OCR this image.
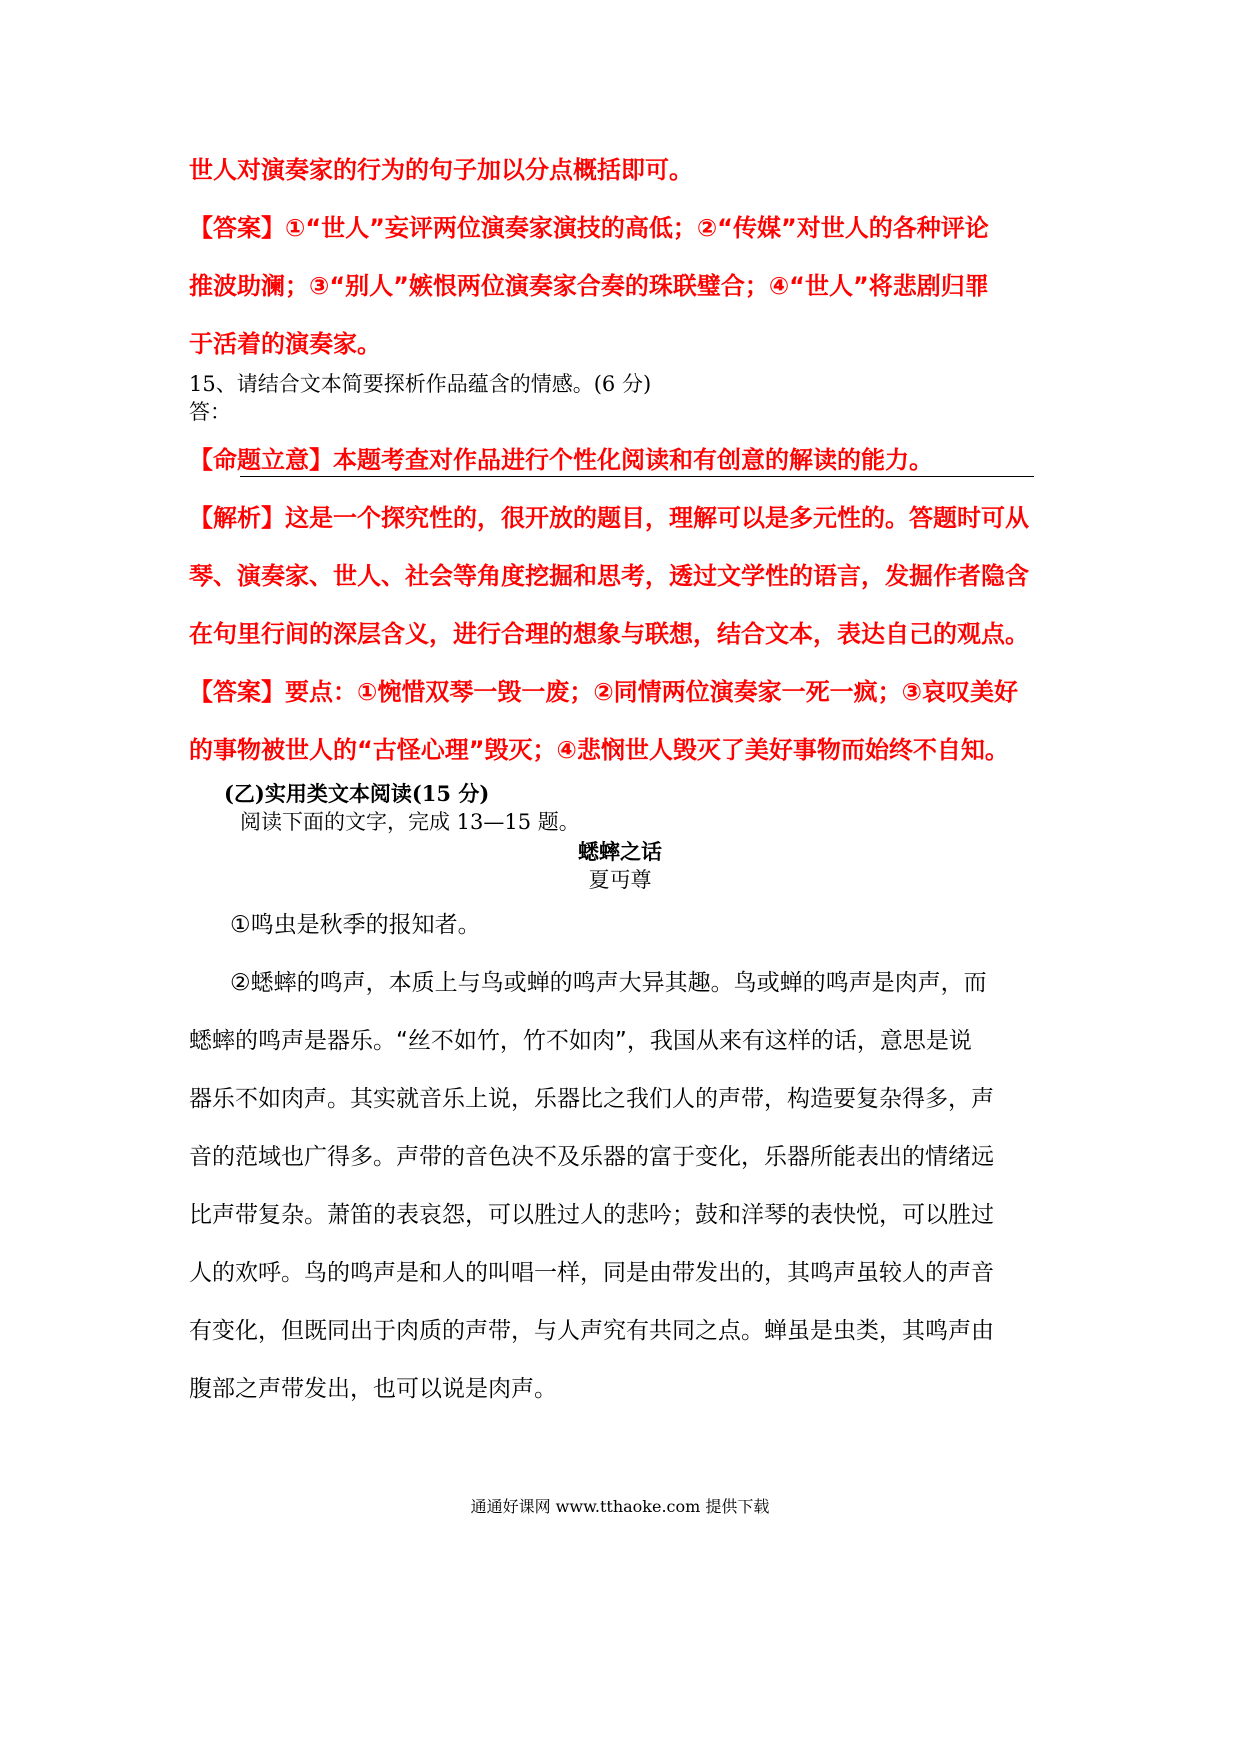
世人对演奏家的行为的句子加以分点概括即可。
【答案】①“世人”妄评两位演奏家演技的高低；②“传媒”对世人的各种评论
推波助澜；③“别人”嫉恨两位演奏家合奏的珠联璧合；④“世人”将悲剧归罪
于活着的演奏家。
15、请结合文本简要探析作品蕴含的情感。(6 分)
答：
【命题立意】本题考查对作品进行个性化阅读和有创意的解读的能力。
【解析】这是一个探究性的，很开放的题目，理解可以是多元性的。答题时可从
琴、演奏家、世人、社会等角度挖掘和思考，透过文学性的语言，发掘作者隐含
在句里行间的深层含义，进行合理的想象与联想，结合文本，表达自己的观点。
【答案】要点：①惋惜双琴一毁一废；②同情两位演奏家一死一疯；③哀叹美好
的事物被世人的“古怪心理”毁灭；④悲悯世人毁灭了美好事物而始终不自知。
(乙)实用类文本阅读(15 分)
阅读下面的文字，完成 13—15 题。
蟋蟀之话
夏丏尊
①鸣虫是秋季的报知者。
②蟋蟀的鸣声，本质上与鸟或蝉的鸣声大异其趣。鸟或蝉的鸣声是肉声，而
蟋蟀的鸣声是器乐。“丝不如竹，竹不如肉”，我国从来有这样的话，意思是说
器乐不如肉声。其实就音乐上说，乐器比之我们人的声带，构造要复杂得多，声
音的范域也广得多。声带的音色决不及乐器的富于变化，乐器所能表出的情绪远
比声带复杂。萧笛的表哀怨，可以胜过人的悲吟；鼓和洋琴的表快悦，可以胜过
人的欢呼。鸟的鸣声是和人的叫唱一样，同是由带发出的，其鸣声虽较人的声音
有变化，但既同出于肉质的声带，与人声究有共同之点。蝉虽是虫类，其鸣声由
腹部之声带发出，也可以说是肉声。
通通好课网 www.tthaoke.com 提供下载
